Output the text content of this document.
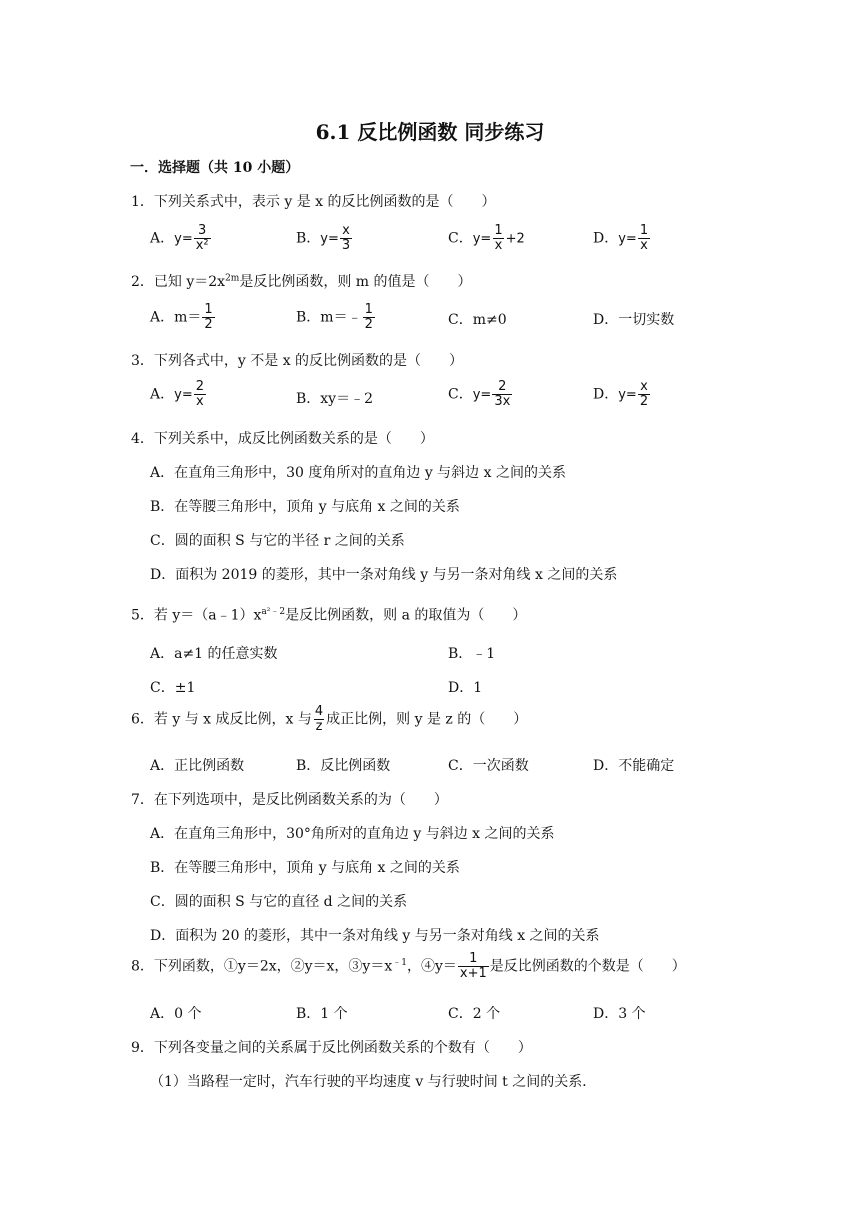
6.1 反比例函数 同步练习
一．选择题（共 10 小题）
1．下列关系式中，表示 y 是 x 的反比例函数的是（　　）
A．$y= \frac{3}{\text{x²}}$	B．$y= \frac{x}{3}$	C．$y= \frac{1}{x} +2$	D．$y= \frac{1}{x}$
2．已知 $y=2x^{2m}$是反比例函数，则 m 的值是（　　）
A．$m= \frac{1}{2}$	B．m＝﹣ $\frac{1}{2}$	C．m≠0	D．一切实数
3．下列各式中，y 不是 x 的反比例函数的是（　　）
A．$y= \frac{2}{x}$	B．xy＝﹣2	C．$y= \frac{2}{3x}$	D．$y= \frac{x}{2}$
4．下列关系中，成反比例函数关系的是（　　）
A．在直角三角形中，30 度角所对的直角边 y 与斜边 x 之间的关系
B．在等腰三角形中，顶角 y 与底角 x 之间的关系
C．圆的面积 S 与它的半径 r 之间的关系
D．面积为 2019 的菱形，其中一条对角线 y 与另一条对角线 x 之间的关系
5．若 $y=(a﹣1)x^{a^2﹣2}$是反比例函数，则 a 的取值为（　　）
A．a≠1 的任意实数	B．﹣1
C．±1	D．1
6．若 y 与 x 成反比例，x 与 $\frac{4}{z}$ 成正比例，则 y 是 z 的（　　）
A．正比例函数	B．反比例函数	C．一次函数	D．不能确定
7．在下列选项中，是反比例函数关系的为（　　）
A．在直角三角形中，30°角所对的直角边 y 与斜边 x 之间的关系
B．在等腰三角形中，顶角 y 与底角 x 之间的关系
C．圆的面积 S 与它的直径 d 之间的关系
D．面积为 20 的菱形，其中一条对角线 y 与另一条对角线 x 之间的关系
8．下列函数，①y＝2x，②y＝x，$③y=x^{﹣1}$，④y＝ $\frac{1}{x+1}$ 是反比例函数的个数是（　　）
A．0 个	B．1 个	C．2 个	D．3 个
9．下列各变量之间的关系属于反比例函数关系的个数有（　　）
（1）当路程一定时，汽车行驶的平均速度 v 与行驶时间 t 之间的关系．
